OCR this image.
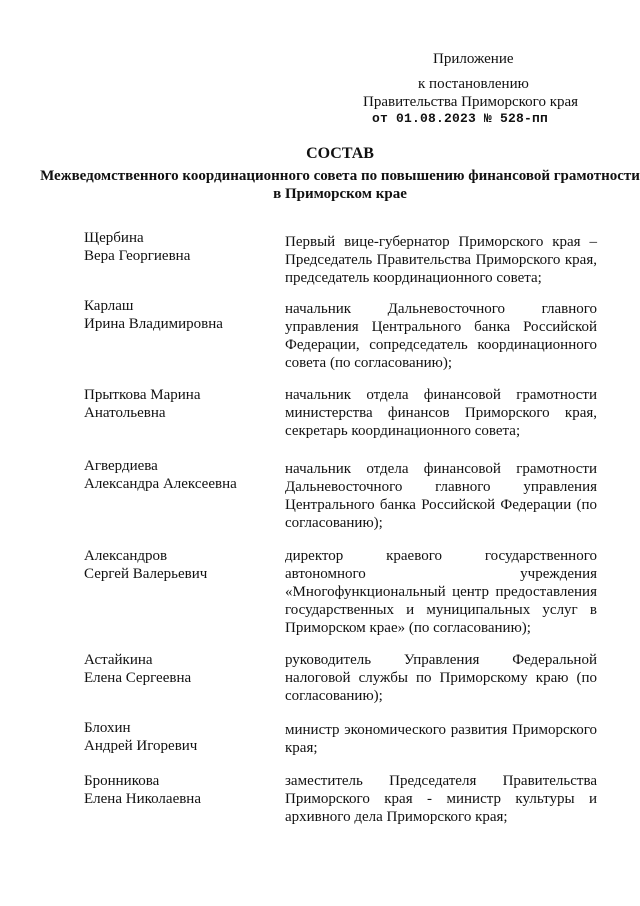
Приложение
к постановлению
Правительства Приморского края
от 01.08.2023 № 528-пп
СОСТАВ
Межведомственного координационного совета по повышению финансовой грамотности в Приморском крае
Щербина
Вера Георгиевна
Первый вице-губернатор Приморского края – Председатель Правительства Приморского края, председатель координационного совета;
Карлаш
Ирина Владимировна
начальник Дальневосточного главного управления Центрального банка Российской Федерации, сопредседатель координационного совета (по согласованию);
Прыткова Марина
Анатольевна
начальник отдела финансовой грамотности министерства финансов Приморского края, секретарь координационного совета;
Агвердиева
Александра Алексеевна
начальник отдела финансовой грамотности Дальневосточного главного управления Центрального банка Российской Федерации (по согласованию);
Александров
Сергей Валерьевич
директор краевого государственного автономного учреждения «Многофункциональный центр предоставления государственных и муниципальных услуг в Приморском крае» (по согласованию);
Астайкина
Елена Сергеевна
руководитель Управления Федеральной налоговой службы по Приморскому краю (по согласованию);
Блохин
Андрей Игоревич
министр экономического развития Приморского края;
Бронникова
Елена Николаевна
заместитель Председателя Правительства Приморского края - министр культуры и архивного дела Приморского края;
